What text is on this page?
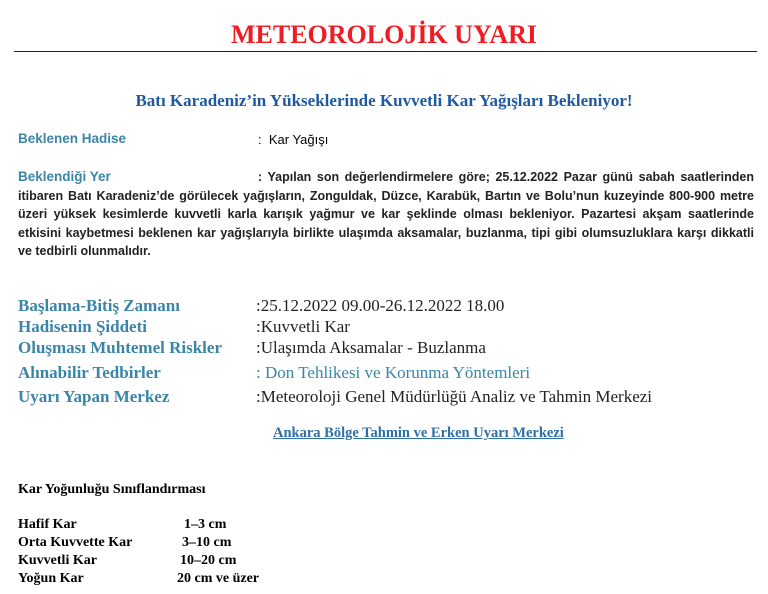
METEOROLOJİK UYARI
Batı Karadeniz’in Yükseklerinde Kuvvetli Kar Yağışları Bekleniyor!
Beklenen Hadise	: Kar Yağışı
Beklendiği Yer	: Yapılan son değerlendirmelere göre; 25.12.2022 Pazar günü sabah saatlerinden itibaren Batı Karadeniz’de görülecek yağışların, Zonguldak, Düzce, Karabük, Bartın ve Bolu’nun kuzeyinde 800-900 metre üzeri yüksek kesimlerde kuvvetli karla karışık yağmur ve kar şeklinde olması bekleniyor. Pazartesi akşam saatlerinde etkisini kaybetmesi beklenen kar yağışlarıyla birlikte ulaşımda aksamalar, buzlanma, tipi gibi olumsuzluklara karşı dikkatli ve tedbirli olunmalıdır.
Başlama-Bitiş Zamanı	:25.12.2022 09.00-26.12.2022 18.00
Hadisenin Şiddeti	:Kuvvetli Kar
Oluşması Muhtemel Riskler :Ulaşımda Aksamalar - Buzlanma
Alınabilir Tedbirler	: Don Tehlikesi ve Korunma Yöntemleri
Uyarı Yapan Merkez	:Meteoroloji Genel Müdürlüğü Analiz ve Tahmin Merkezi
Ankara Bölge Tahmin ve Erken Uyarı Merkezi
Kar Yoğunluğu Sınıflandırması
Hafif Kar	1–3 cm
Orta Kuvvette Kar	3–10 cm
Kuvvetli Kar	10–20 cm
Yoğun Kar	20 cm ve üzer
